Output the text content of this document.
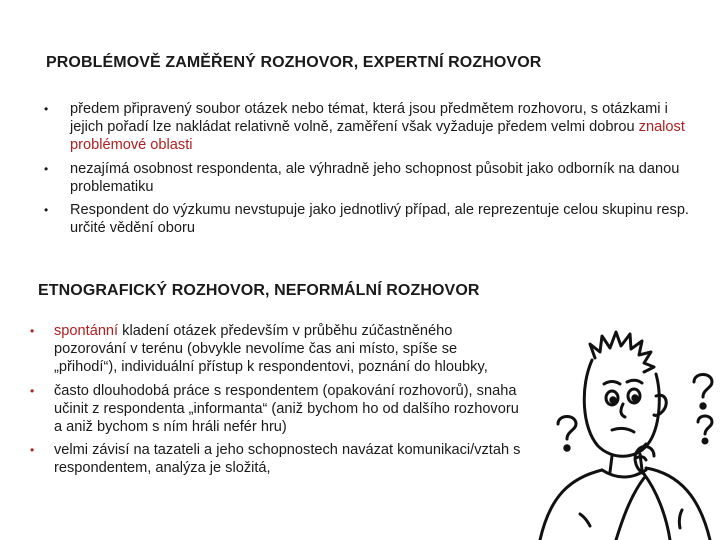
PROBLÉMOVĚ ZAMĚŘENÝ ROZHOVOR, EXPERTNÍ ROZHOVOR
• předem připravený soubor otázek nebo témat, která jsou předmětem rozhovoru, s otázkami i jejich pořadí lze nakládat relativně volně, zaměření však vyžaduje předem velmi dobrou znalost problémové oblasti
• nezajímá osobnost respondenta, ale výhradně jeho schopnost působit jako odborník na danou problematiku
• Respondent do výzkumu nevstupuje jako jednotlivý případ, ale reprezentuje celou skupinu resp. určité vědění oboru
ETNOGRAFICKÝ ROZHOVOR, NEFORMÁLNÍ ROZHOVOR
• spontánní kladení otázek především v průběhu zúčastněného pozorování v terénu (obvykle nevolíme čas ani místo, spíše se „přihodí“), individuální přístup k respondentovi, poznání do hloubky,
• často dlouhodobá práce s respondentem (opakování rozhovorů), snaha učinit z respondenta „informanta“ (aniž bychom ho od dalšího rozhovoru a aniž bychom s ním hráli nefér hru)
• velmi závisí na tazateli a jeho schopnostech navázat komunikaci/vztah s respondentem, analýza je složitá,
